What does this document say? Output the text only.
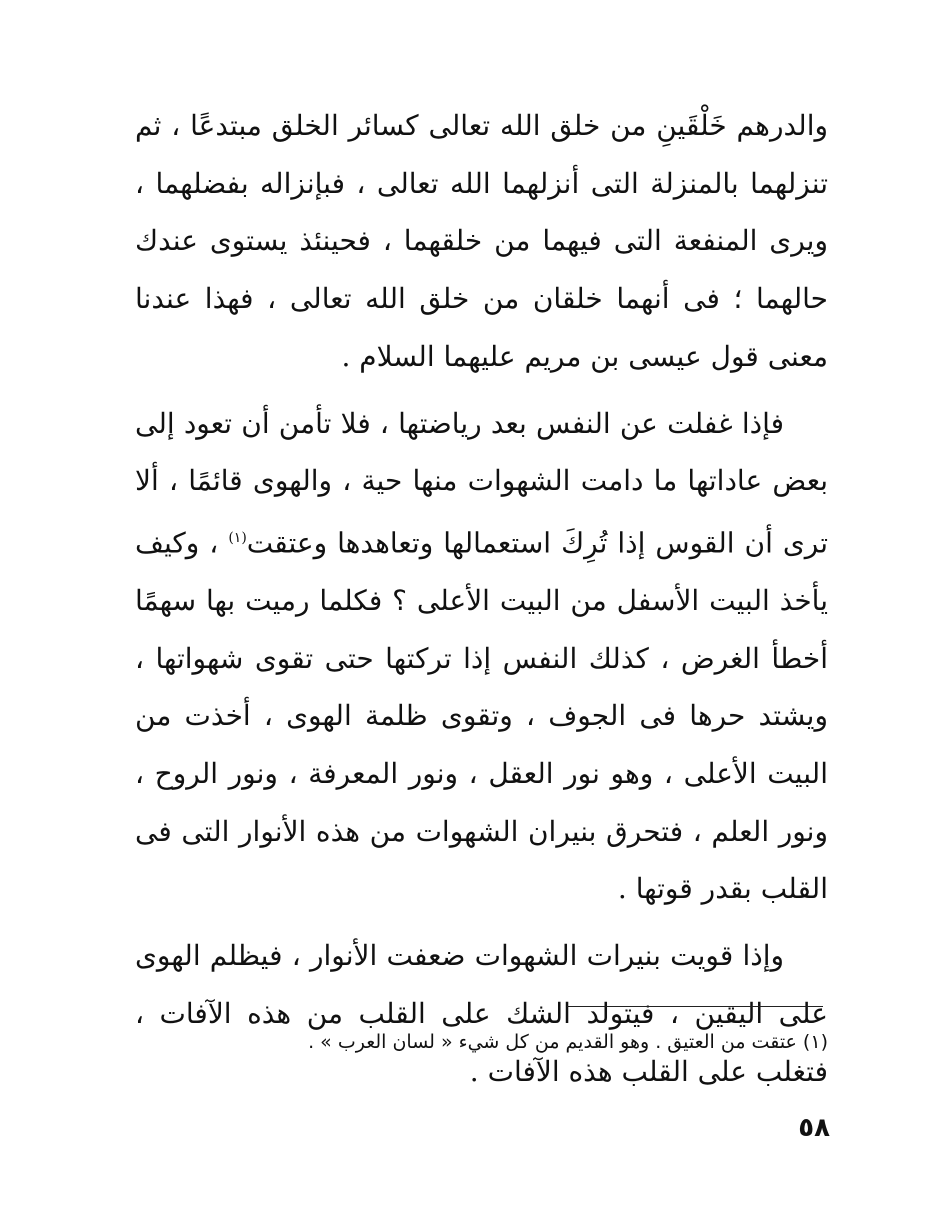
والدرهم خَلْقَينِ من خلق الله تعالى كسائر الخلق مبتدعًا ، ثم تنزلهما بالمنزلة التى أنزلهما الله تعالى ، فبإنزاله بفضلهما ، ويرى المنفعة التى فيهما من خلقهما ، فحينئذ يستوى عندك حالهما ؛ فى أنهما خلقان من خلق الله تعالى ، فهذا عندنا معنى قول عيسى بن مريم عليهما السلام .

فإذا غفلت عن النفس بعد رياضتها ، فلا تأمن أن تعود إلى بعض عاداتها ما دامت الشهوات منها حية ، والهوى قائمًا ، ألا ترى أن القوس إذا تُرِكَ استعمالها وتعاهدها وعتقت$^{(١)}$ ، وكيف يأخذ البيت الأسفل من البيت الأعلى ؟ فكلما رميت بها سهمًا أخطأ الغرض ، كذلك النفس إذا تركتها حتى تقوى شهواتها ، ويشتد حرها فى الجوف ، وتقوى ظلمة الهوى ، أخذت من البيت الأعلى ، وهو نور العقل ، ونور المعرفة ، ونور الروح ، ونور العلم ، فتحرق بنيران الشهوات من هذه الأنوار التى فى القلب بقدر قوتها .

وإذا قويت بنيرات الشهوات ضعفت الأنوار ، فيظلم الهوى على اليقين ، فيتولد الشك على القلب من هذه الآفات ، فتغلب على القلب هذه الآفات .

(١) عتقت من العتيق . وهو القديم من كل شيء « لسان العرب » .
٥٨
